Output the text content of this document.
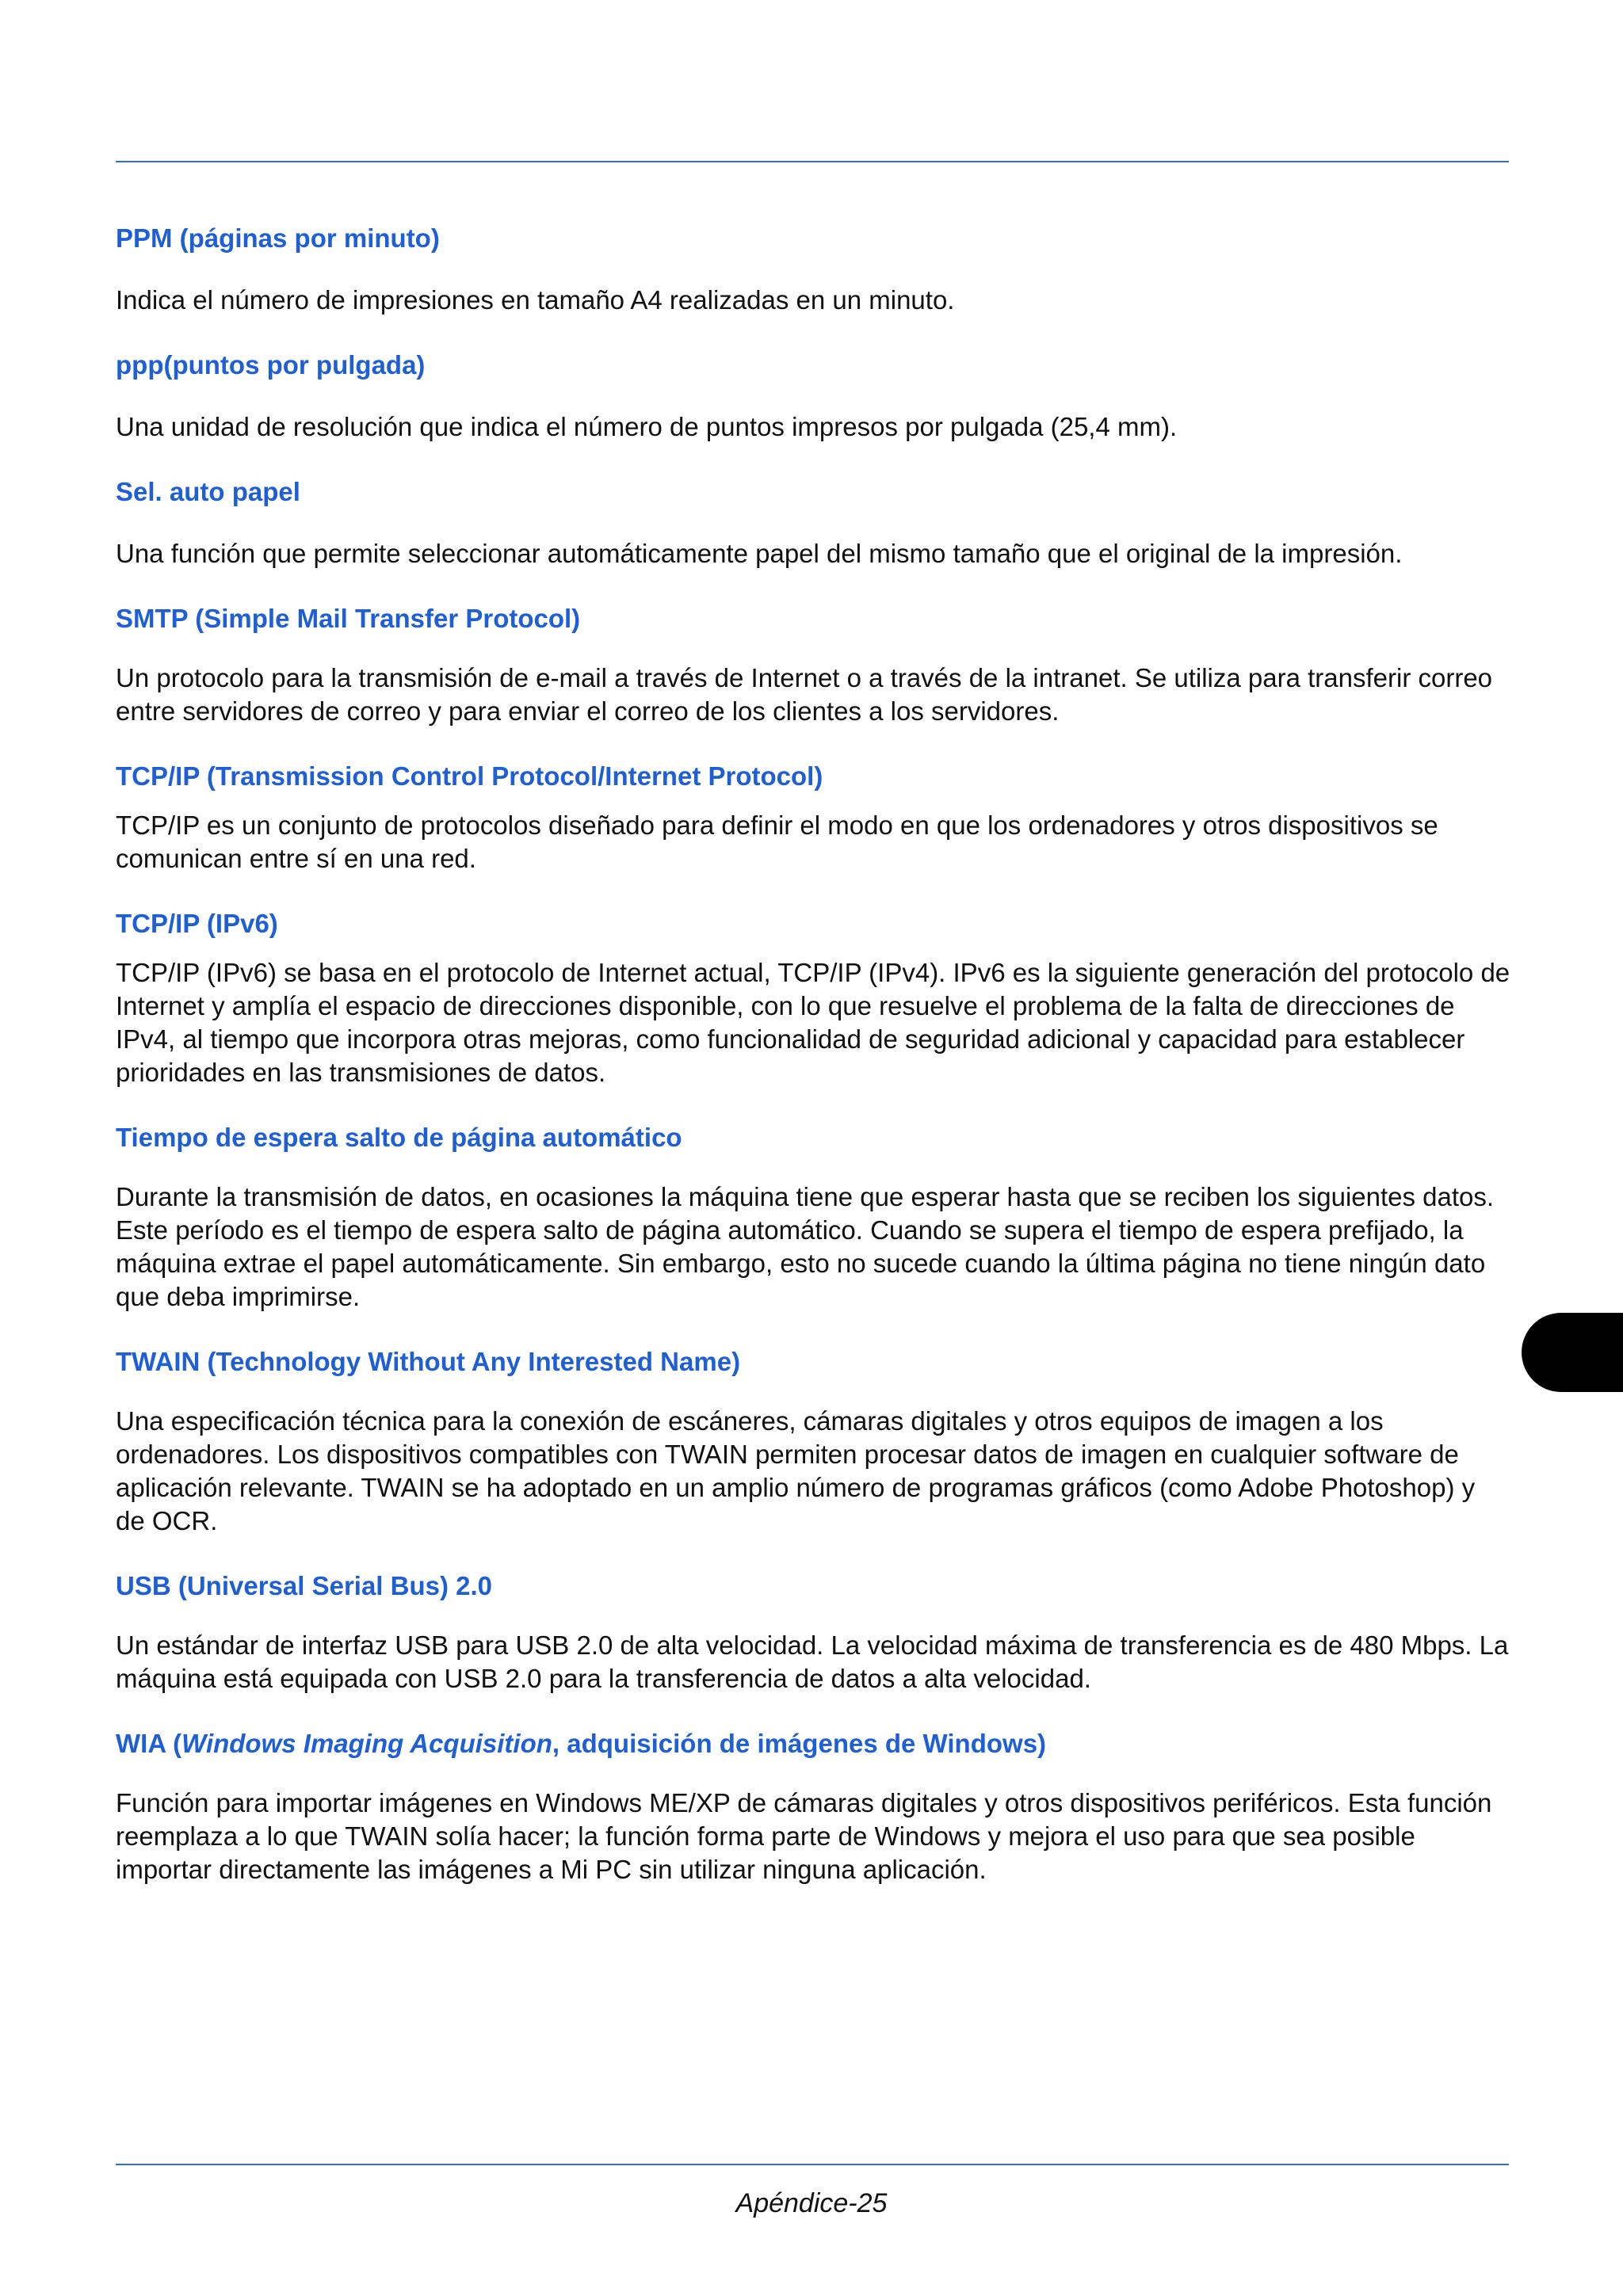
PPM (páginas por minuto)

Indica el número de impresiones en tamaño A4 realizadas en un minuto.

ppp(puntos por pulgada)

Una unidad de resolución que indica el número de puntos impresos por pulgada (25,4 mm).

Sel. auto papel

Una función que permite seleccionar automáticamente papel del mismo tamaño que el original de la impresión.

SMTP (Simple Mail Transfer Protocol)

Un protocolo para la transmisión de e-mail a través de Internet o a través de la intranet. Se utiliza para transferir correo entre servidores de correo y para enviar el correo de los clientes a los servidores.

TCP/IP (Transmission Control Protocol/Internet Protocol)

TCP/IP es un conjunto de protocolos diseñado para definir el modo en que los ordenadores y otros dispositivos se comunican entre sí en una red.

TCP/IP (IPv6)

TCP/IP (IPv6) se basa en el protocolo de Internet actual, TCP/IP (IPv4). IPv6 es la siguiente generación del protocolo de Internet y amplía el espacio de direcciones disponible, con lo que resuelve el problema de la falta de direcciones de IPv4, al tiempo que incorpora otras mejoras, como funcionalidad de seguridad adicional y capacidad para establecer prioridades en las transmisiones de datos.

Tiempo de espera salto de página automático

Durante la transmisión de datos, en ocasiones la máquina tiene que esperar hasta que se reciben los siguientes datos. Este período es el tiempo de espera salto de página automático. Cuando se supera el tiempo de espera prefijado, la máquina extrae el papel automáticamente. Sin embargo, esto no sucede cuando la última página no tiene ningún dato que deba imprimirse.

TWAIN (Technology Without Any Interested Name)

Una especificación técnica para la conexión de escáneres, cámaras digitales y otros equipos de imagen a los ordenadores. Los dispositivos compatibles con TWAIN permiten procesar datos de imagen en cualquier software de aplicación relevante. TWAIN se ha adoptado en un amplio número de programas gráficos (como Adobe Photoshop) y de OCR.

USB (Universal Serial Bus) 2.0

Un estándar de interfaz USB para USB 2.0 de alta velocidad. La velocidad máxima de transferencia es de 480 Mbps. La máquina está equipada con USB 2.0 para la transferencia de datos a alta velocidad.

WIA (Windows Imaging Acquisition, adquisición de imágenes de Windows)

Función para importar imágenes en Windows ME/XP de cámaras digitales y otros dispositivos periféricos. Esta función reemplaza a lo que TWAIN solía hacer; la función forma parte de Windows y mejora el uso para que sea posible importar directamente las imágenes a Mi PC sin utilizar ninguna aplicación.

Apéndice-25
